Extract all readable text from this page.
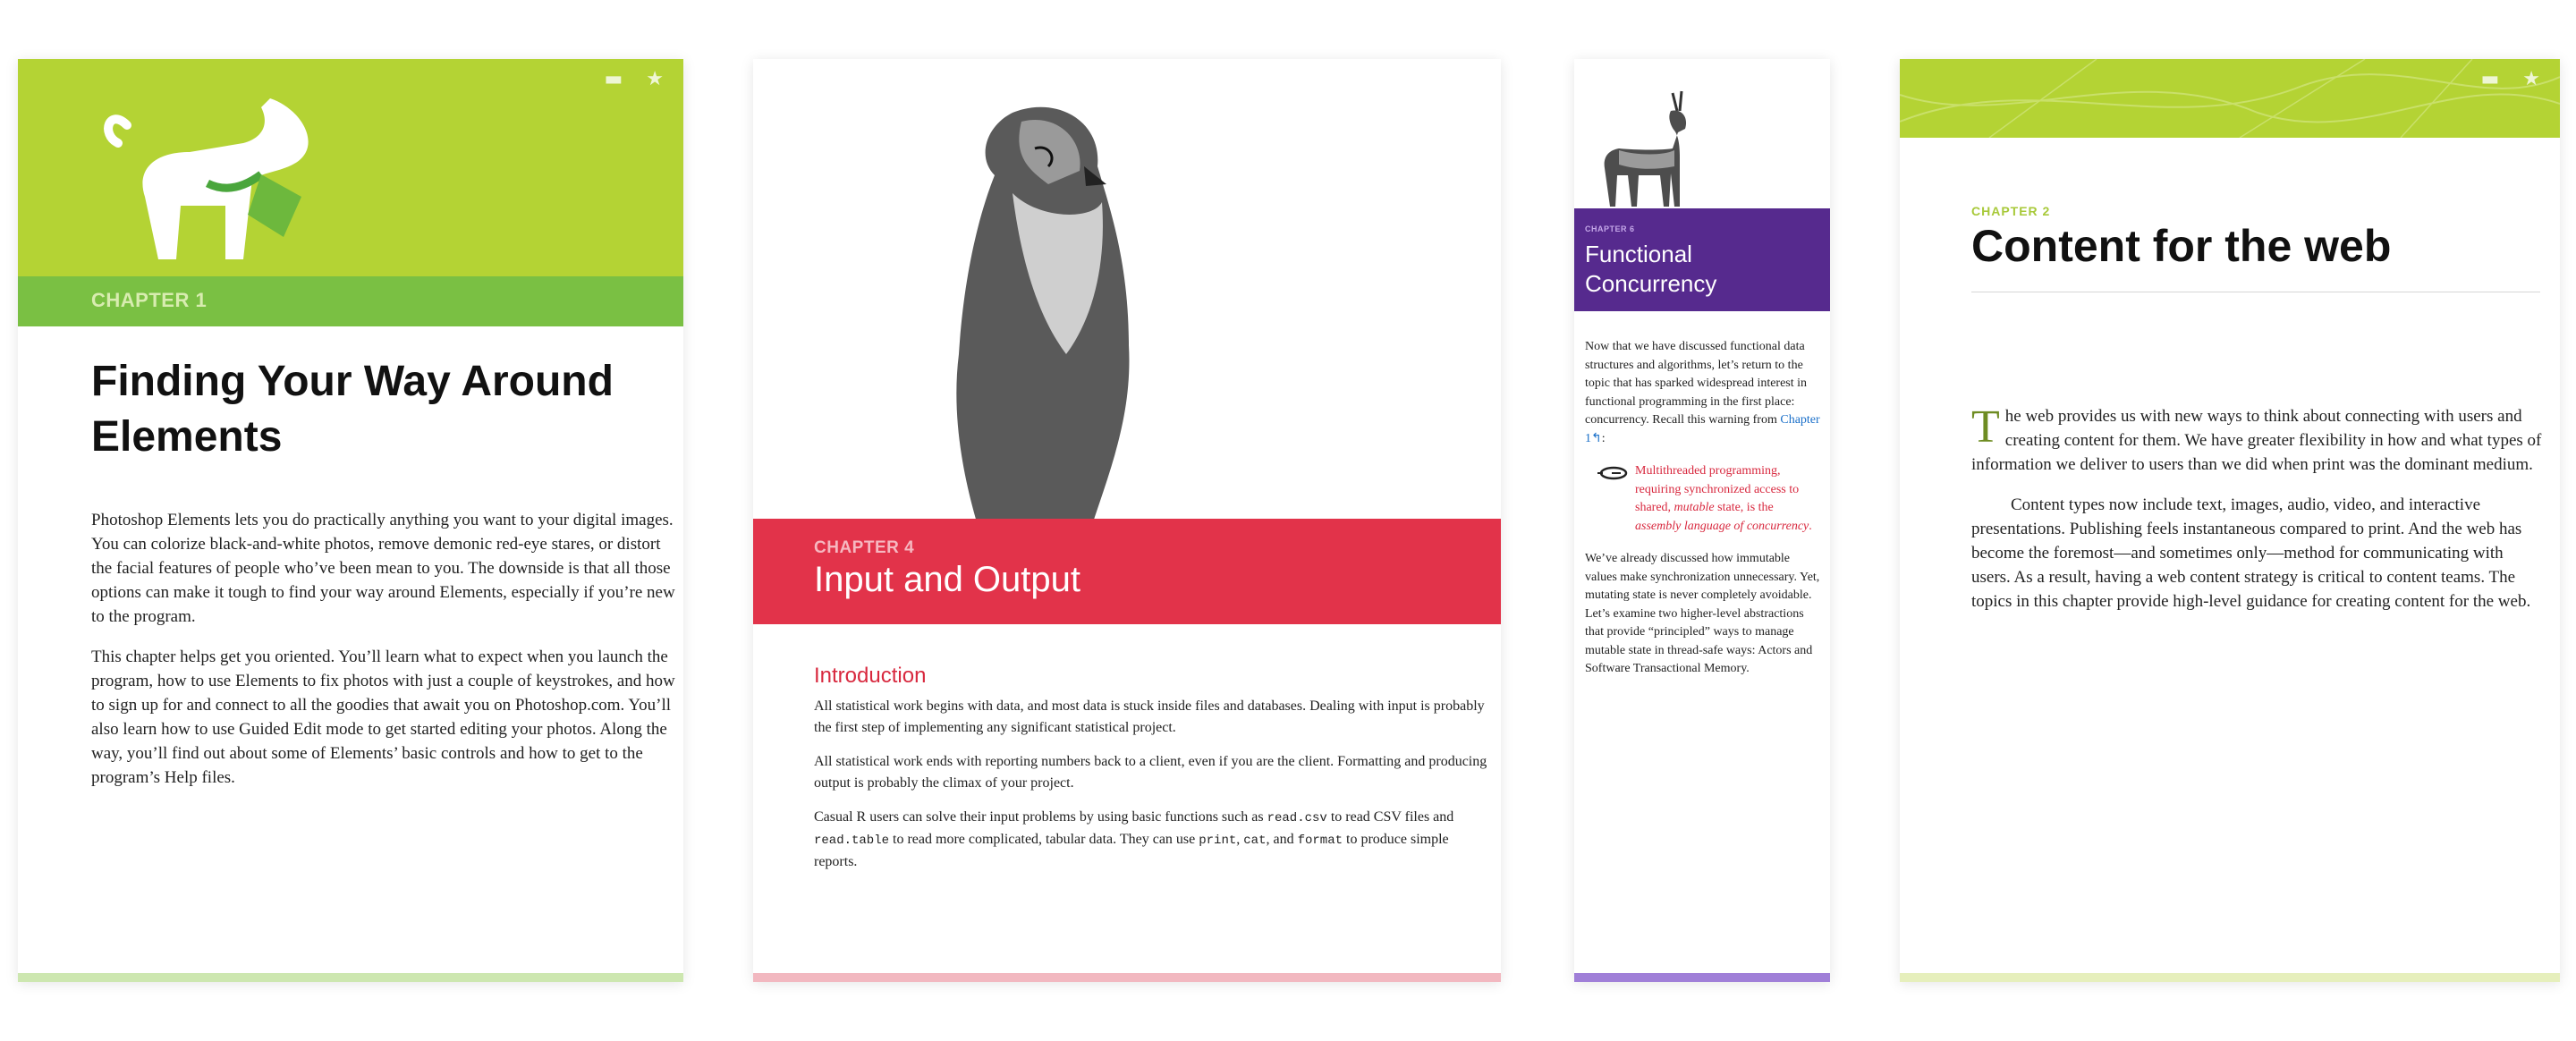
▬ ★
CHAPTER 1
Finding Your Way Around Elements

Photoshop Elements lets you do practically anything you want to your digital images. You can colorize black-and-white photos, remove demonic red-eye stares, or distort the facial features of people who’ve been mean to you. The downside is that all those options can make it tough to find your way around Elements, especially if you’re new to the program.

This chapter helps get you oriented. You’ll learn what to expect when you launch the program, how to use Elements to fix photos with just a couple of keystrokes, and how to sign up for and connect to all the goodies that await you on Photoshop.com. You’ll also learn how to use Guided Edit mode to get started editing your photos. Along the way, you’ll find out about some of Elements’ basic controls and how to get to the program’s Help files.

CHAPTER 4
Input and Output
Introduction

All statistical work begins with data, and most data is stuck inside files and databases. Dealing with input is probably the first step of implementing any significant statistical project.

All statistical work ends with reporting numbers back to a client, even if you are the client. Formatting and producing output is probably the climax of your project.

Casual R users can solve their input problems by using basic functions such as read.csv to read CSV files and read.table to read more complicated, tabular data. They can use print, cat, and format to produce simple reports.

CHAPTER 6
Functional Concurrency

Now that we have discussed functional data structures and algorithms, let’s return to the topic that has sparked widespread interest in functional programming in the first place: concurrency. Recall this warning from Chapter 1↰:

Multithreaded programming, requiring synchronized access to shared, mutable state, is the assembly language of concurrency.

We’ve already discussed how immutable values make synchronization unnecessary. Yet, mutating state is never completely avoidable. Let’s examine two higher-level abstractions that provide “principled” ways to manage mutable state in thread-safe ways: Actors and Software Transactional Memory.

▬ ★
CHAPTER 2
Content for the web

The web provides us with new ways to think about connecting with users and creating content for them. We have greater flexibility in how and what types of information we deliver to users than we did when print was the dominant medium.

Content types now include text, images, audio, video, and interactive presentations. Publishing feels instantaneous compared to print. And the web has become the foremost—and sometimes only—method for communicating with users. As a result, having a web content strategy is critical to content teams. The topics in this chapter provide high-level guidance for creating content for the web.
